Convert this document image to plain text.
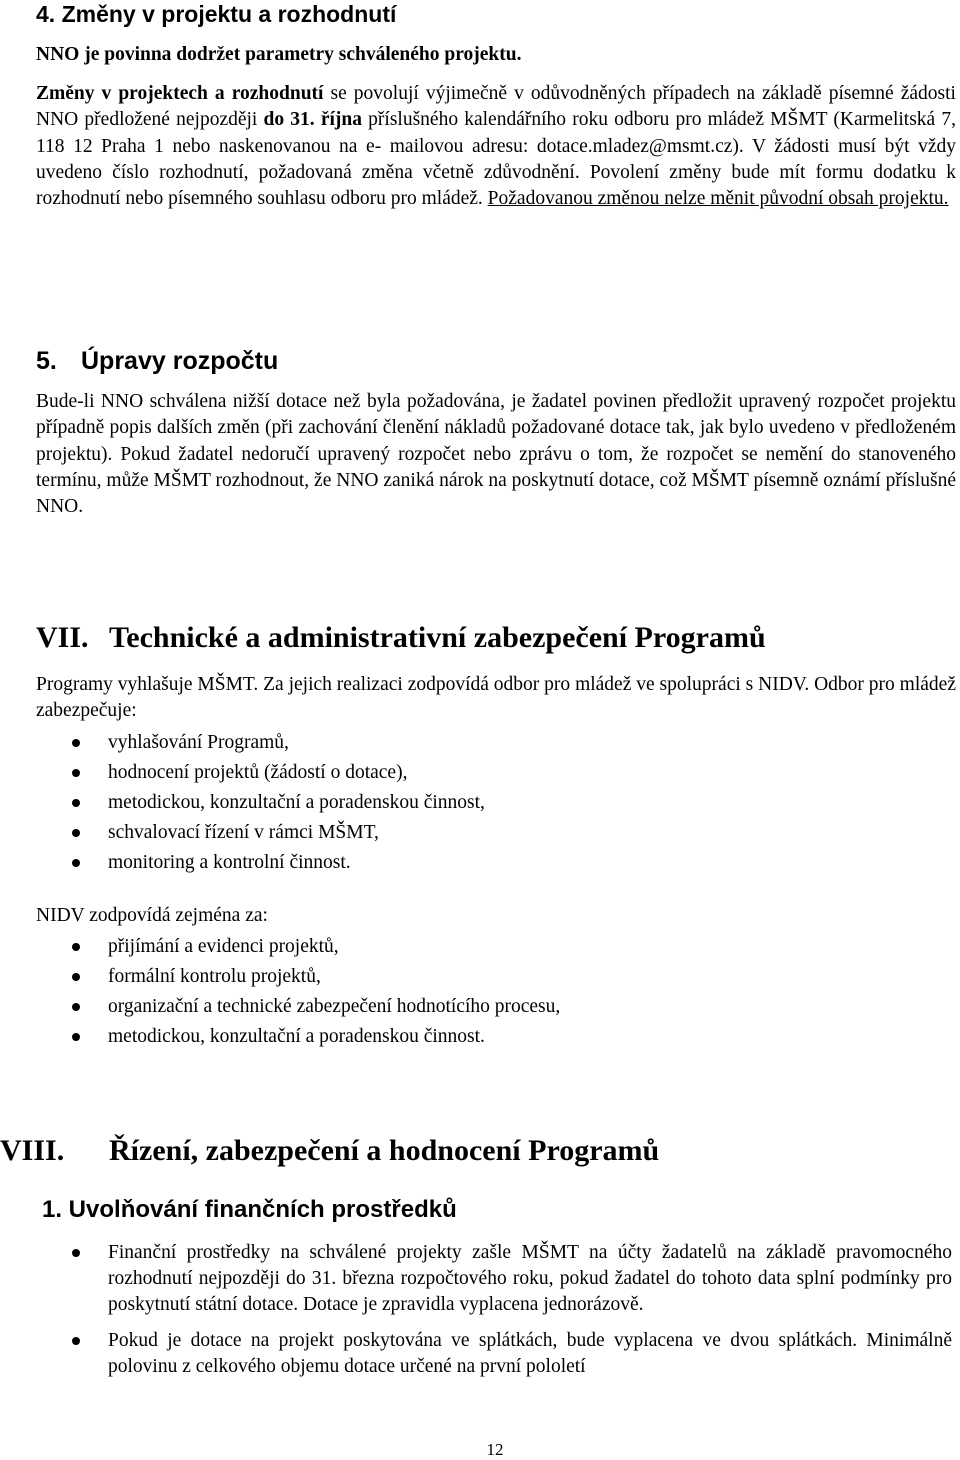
4. Změny v projektu a rozhodnutí

NNO je povinna dodržet parametry schváleného projektu.

Změny v projektech a rozhodnutí se povolují výjimečně v odůvodněných případech na základě písemné žádosti NNO předložené nejpozději do 31. října příslušného kalendářního roku odboru pro mládež MŠMT (Karmelitská 7, 118 12 Praha 1 nebo naskenovanou na e- mailovou adresu: dotace.mladez@msmt.cz). V žádosti musí být vždy uvedeno číslo rozhodnutí, požadovaná změna včetně zdůvodnění. Povolení změny bude mít formu dodatku k rozhodnutí nebo písemného souhlasu odboru pro mládež. Požadovanou změnou nelze měnit původní obsah projektu.

5. Úpravy rozpočtu

Bude-li NNO schválena nižší dotace než byla požadována, je žadatel povinen předložit upravený rozpočet projektu případně popis dalších změn (při zachování členění nákladů požadované dotace tak, jak bylo uvedeno v předloženém projektu). Pokud žadatel nedoručí upravený rozpočet nebo zprávu o tom, že rozpočet se nemění do stanoveného termínu, může MŠMT rozhodnout, že NNO zaniká nárok na poskytnutí dotace, což MŠMT písemně oznámí příslušné NNO.

VII. Technické a administrativní zabezpečení Programů

Programy vyhlašuje MŠMT. Za jejich realizaci zodpovídá odbor pro mládež ve spolupráci s NIDV. Odbor pro mládež zabezpečuje:

vyhlašování Programů,
hodnocení projektů (žádostí o dotace),
metodickou, konzultační a poradenskou činnost,
schvalovací řízení v rámci MŠMT,
monitoring a kontrolní činnost.

NIDV zodpovídá zejména za:

přijímání a evidenci projektů,
formální kontrolu projektů,
organizační a technické zabezpečení hodnotícího procesu,
metodickou, konzultační a poradenskou činnost.
VIII. Řízení, zabezpečení a hodnocení Programů
1. Uvolňování finančních prostředků
Finanční prostředky na schválené projekty zašle MŠMT na účty žadatelů na základě pravomocného rozhodnutí nejpozději do 31. března rozpočtového roku, pokud žadatel do tohoto data splní podmínky pro poskytnutí státní dotace. Dotace je zpravidla vyplacena jednorázově.
Pokud je dotace na projekt poskytována ve splátkách, bude vyplacena ve dvou splátkách. Minimálně polovinu z celkového objemu dotace určené na první pololetí
12
